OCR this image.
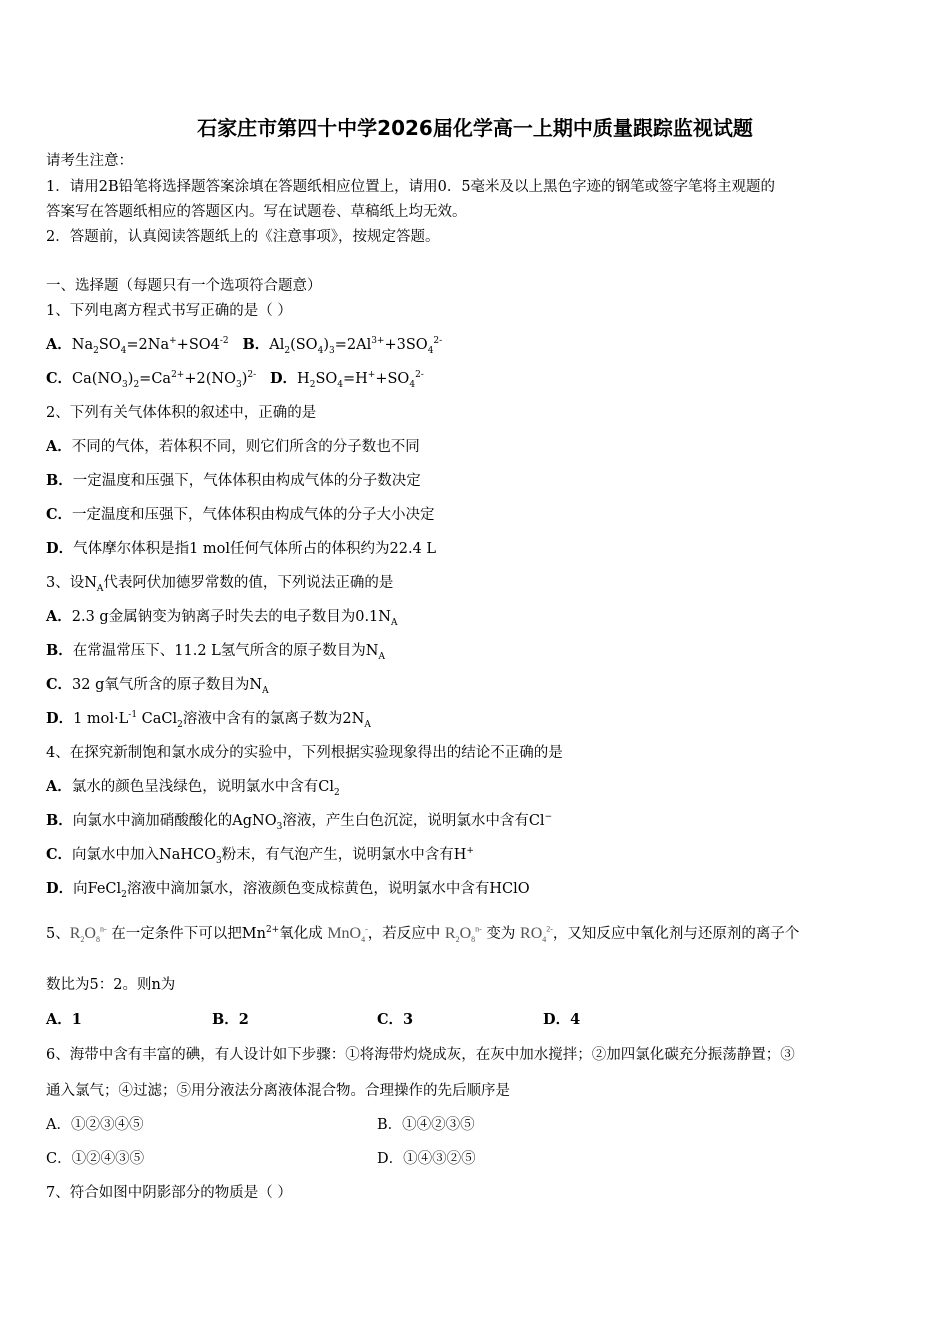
石家庄市第四十中学2026届化学高一上期中质量跟踪监视试题
请考生注意：
1．请用2B铅笔将选择题答案涂填在答题纸相应位置上，请用0．5毫米及以上黑色字迹的钢笔或签字笔将主观题的
答案写在答题纸相应的答题区内。写在试题卷、草稿纸上均无效。
2．答题前，认真阅读答题纸上的《注意事项》，按规定答题。
一、选择题（每题只有一个选项符合题意）
1、下列电离方程式书写正确的是（ ）
A．$Na_2SO_4=2Na^++SO4^{-2}$ B．$Al_2(SO_4)_3=2Al^{3+}+3SO_4^{2-}$
C．$Ca(NO_3)_2=Ca^{2+}+2(NO_3)^{2-}$ D．$H_2SO_4=H^++SO_4^{2-}$
2、下列有关气体体积的叙述中，正确的是
A．不同的气体，若体积不同，则它们所含的分子数也不同
B．一定温度和压强下，气体体积由构成气体的分子数决定
C．一定温度和压强下，气体体积由构成气体的分子大小决定
D．气体摩尔体积是指1 mol任何气体所占的体积约为22.4 L
3、设$N_A$代表阿伏加德罗常数的值，下列说法正确的是
A．2.3 g金属钠变为钠离子时失去的电子数目为$0.1N_A$
B．在常温常压下、11.2 L氢气所含的原子数目为$N_A$
C．32 g氧气所含的原子数目为$N_A$
D．1 $mol\cdot L^{-1}$ CaCl$_2$溶液中含有的氯离子数为$2N_A$
4、在探究新制饱和氯水成分的实验中，下列根据实验现象得出的结论不正确的是
A．氯水的颜色呈浅绿色，说明氯水中含有$Cl_2$
B．向氯水中滴加硝酸酸化的AgNO$_3$溶液，产生白色沉淀，说明氯水中含有Cl−
C．向氯水中加入NaHCO$_3$粉末，有气泡产生，说明氯水中含有H+
D．向FeCl$_2$溶液中滴加氯水，溶液颜色变成棕黄色，说明氯水中含有HClO
5、$R_2O_8^{n-}$ 在一定条件下可以把$Mn^{2+}$氧化成 MnO$_4$-，若反应中 $R_2O_8^{n-}$ 变为 $RO_4^{2-}$，又知反应中氧化剂与还原剂的离子个
数比为5：2。则n为
A．1	B．2	C．3	D．4
6、海带中含有丰富的碘，有人设计如下步骤：①将海带灼烧成灰，在灰中加水搅拌；②加四氯化碳充分振荡静置；③
通入氯气；④过滤；⑤用分液法分离液体混合物。合理操作的先后顺序是
A．①②③④⑤	B．①④②③⑤
C．①②④③⑤	D．①④③②⑤
7、符合如图中阴影部分的物质是（ ）
